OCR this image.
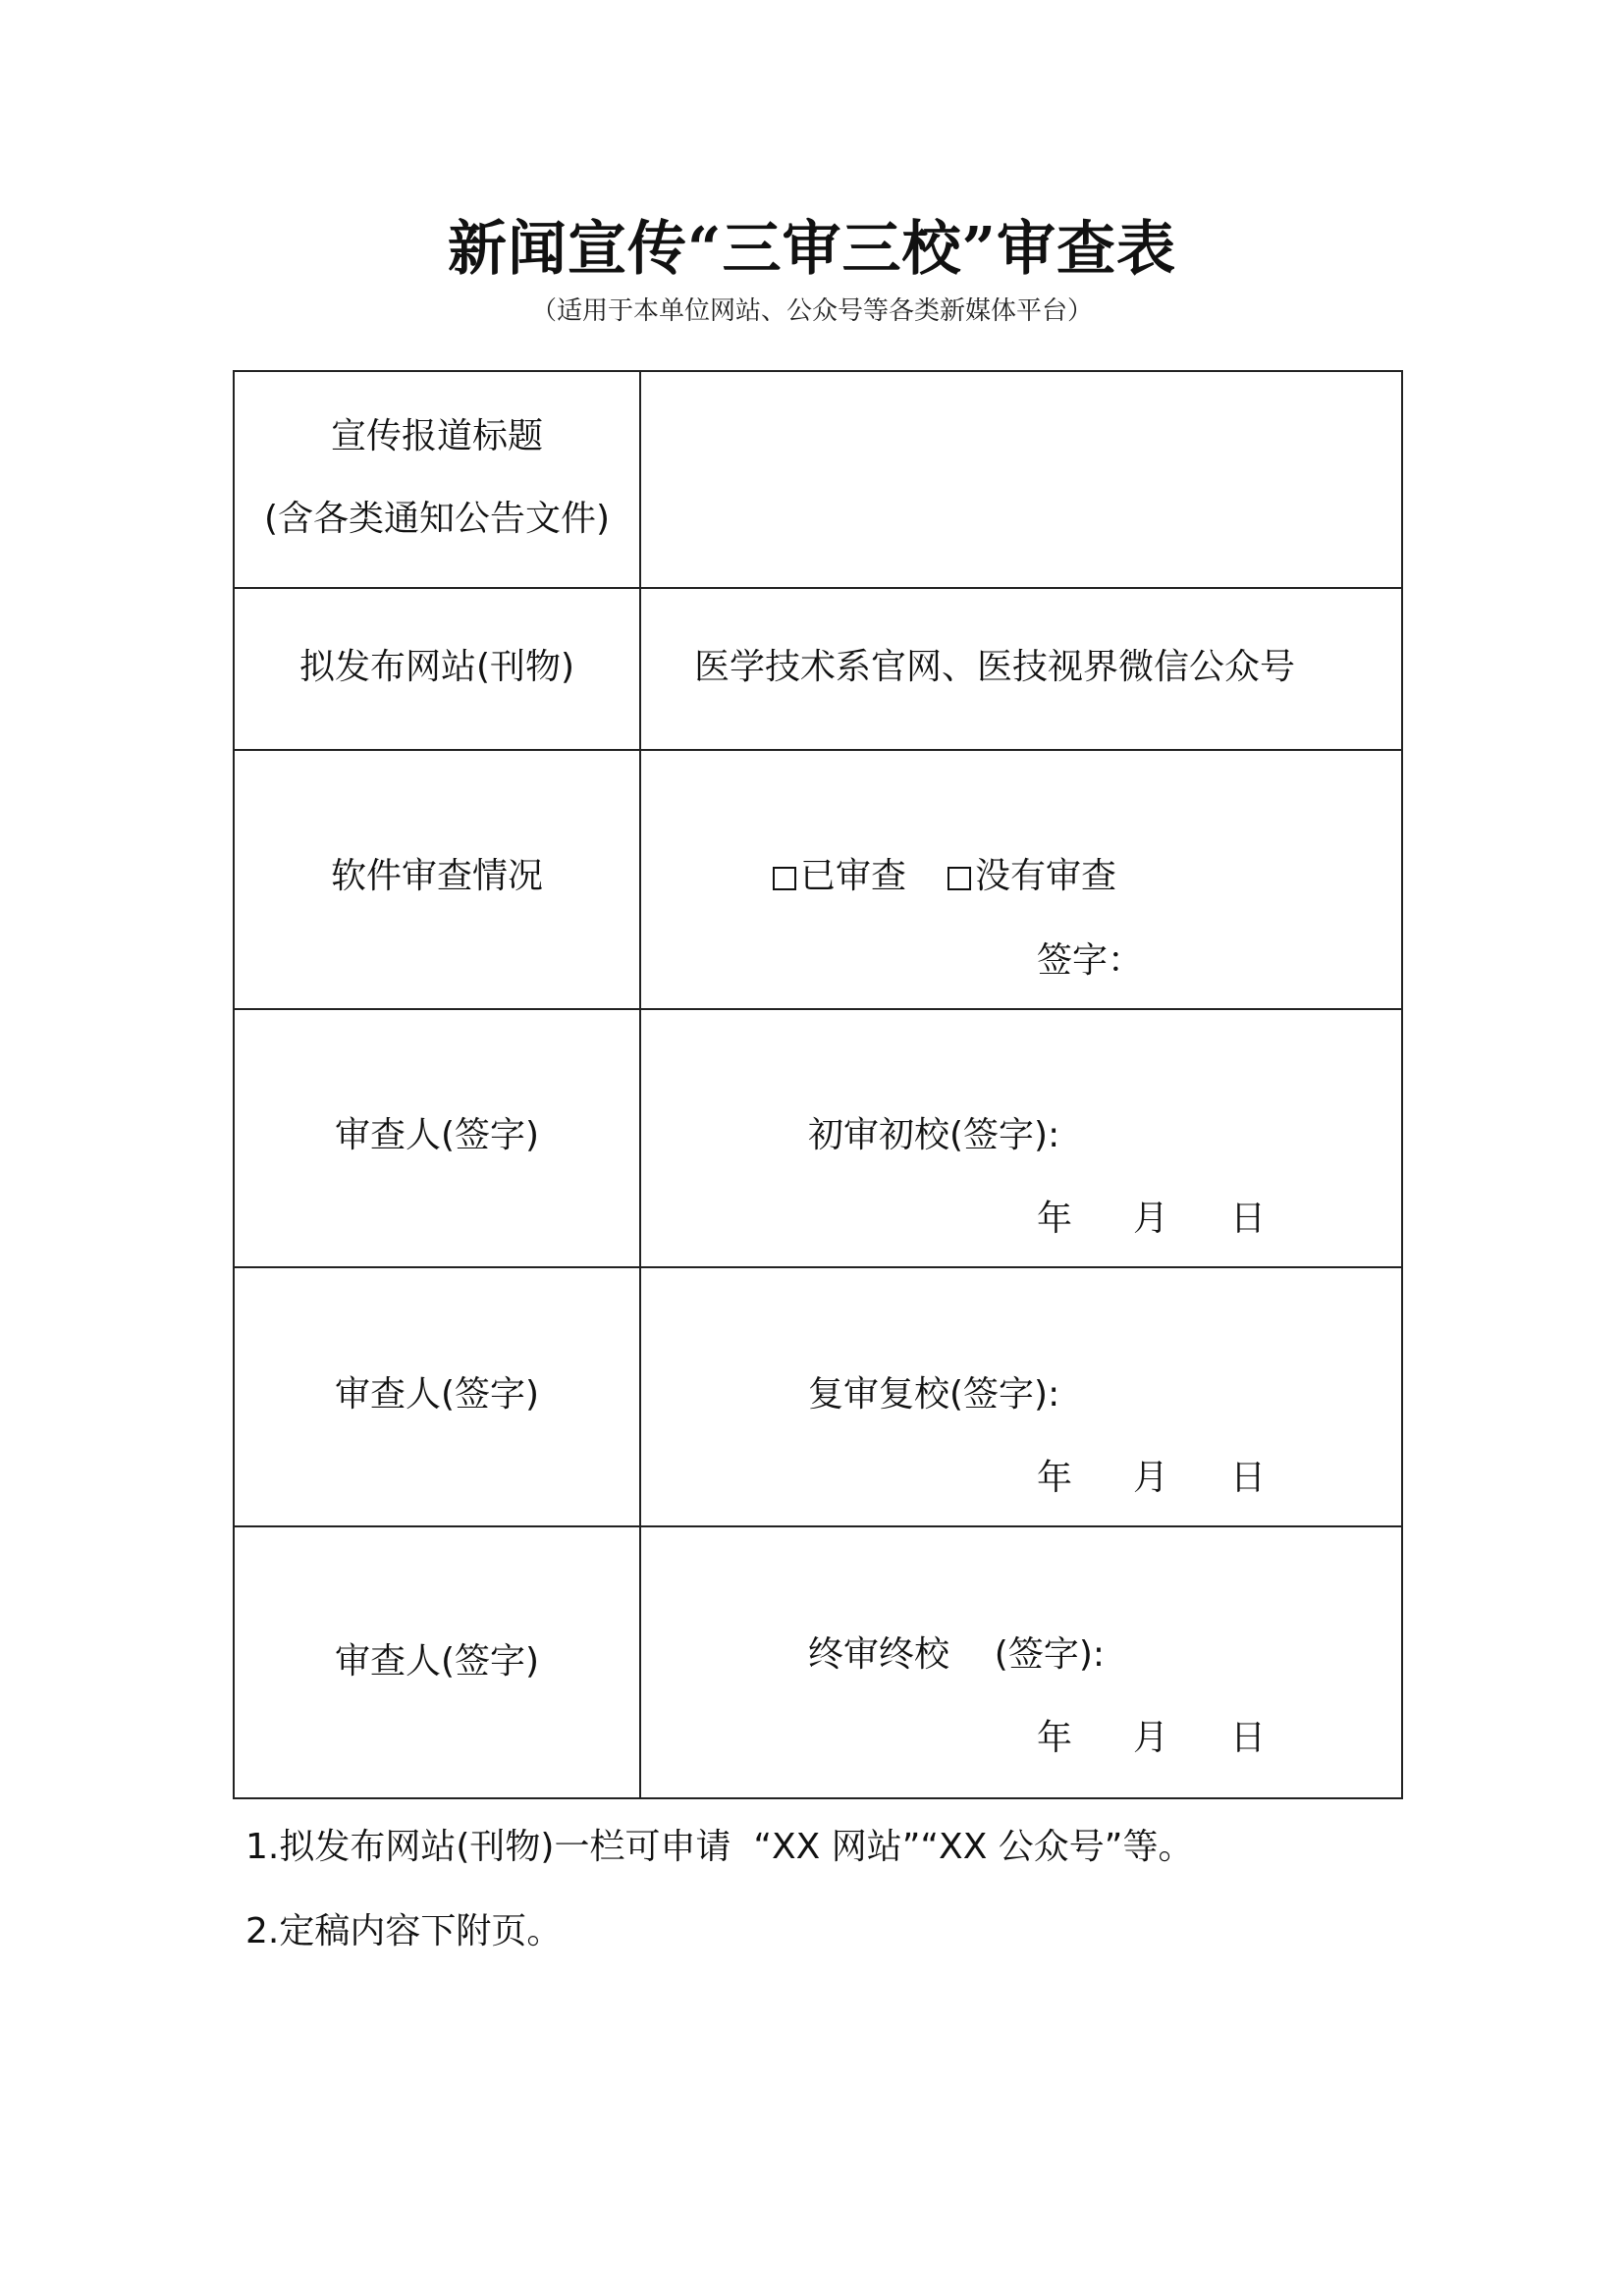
新闻宣传“三审三校”审查表
（适用于本单位网站、公众号等各类新媒体平台）
宣传报道标题
(含各类通知公告文件)
拟发布网站(刊物)	医学技术系官网、医技视界微信公众号
软件审查情况	已审查	没有审查
签字：
审查人(签字)	初审初校(签字):
年 月 日
审查人(签字)	复审复校(签字):
年 月 日
审查人(签字)	终审终校    (签字):
年 月 日
1.拟发布网站(刊物)一栏可申请  “XX 网站”“XX 公众号”等。
2.定稿内容下附页。
